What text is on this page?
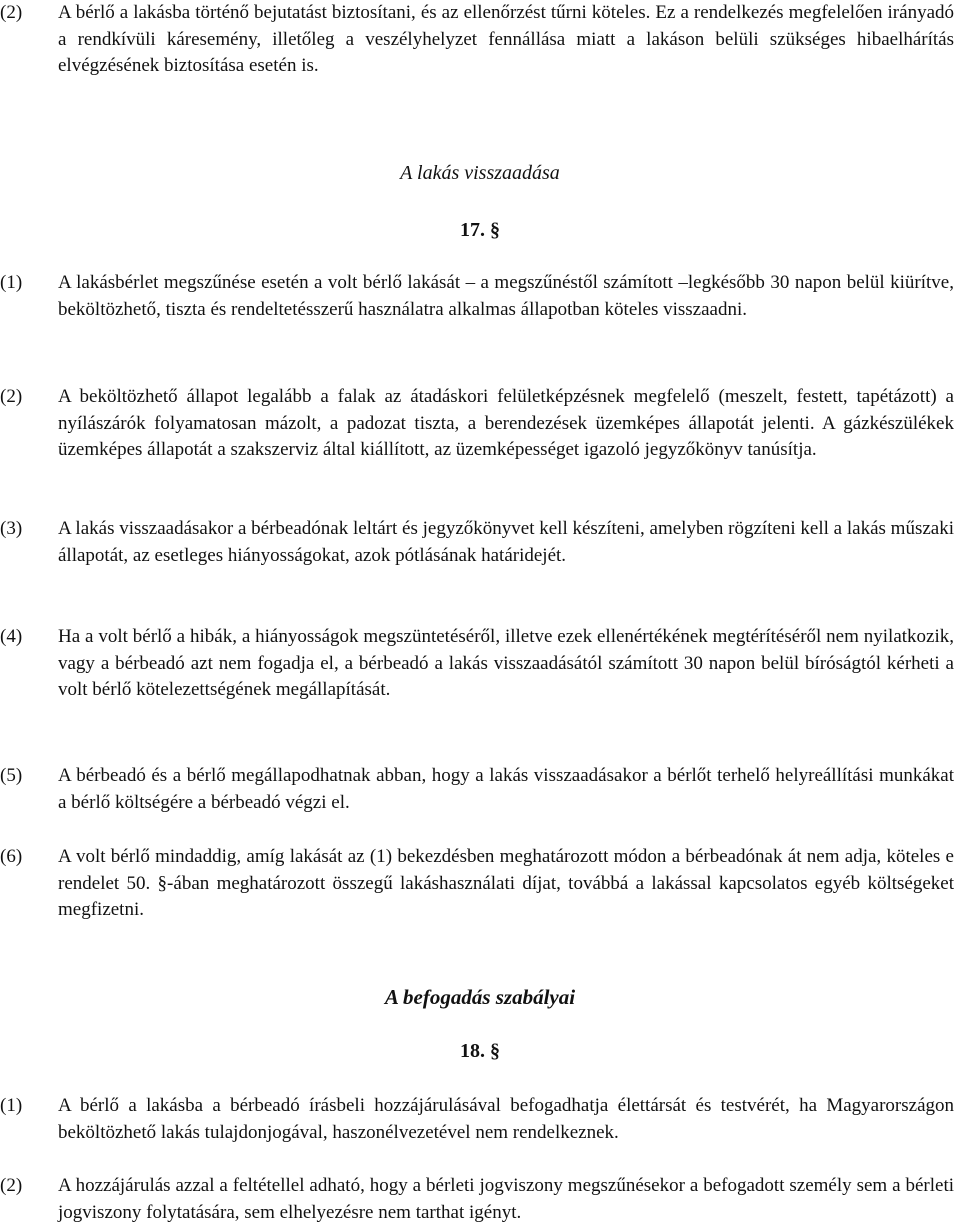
(2)	A bérlő a lakásba történő bejutatást biztosítani, és az ellenőrzést tűrni köteles. Ez a rendelkezés megfelelően irányadó a rendkívüli káresemény, illetőleg a veszélyhelyzet fennállása miatt a lakáson belüli szükséges hibaelhárítás elvégzésének biztosítása esetén is.
A lakás visszaadása
17. §
(1)	A lakásbérlet megszűnése esetén a volt bérlő lakását – a megszűnéstől számított –legkésőbb 30 napon belül kiürítve, beköltözhető, tiszta és rendeltetésszerű használatra alkalmas állapotban köteles visszaadni.
(2)	A beköltözhető állapot legalább a falak az átadáskori felületképzésnek megfelelő (meszelt, festett, tapétázott) a nyílászárók folyamatosan mázolt, a padozat tiszta, a berendezések üzemképes állapotát jelenti. A gázkészülékek üzemképes állapotát a szakszerviz által kiállított, az üzemképességet igazoló jegyzőkönyv tanúsítja.
(3)	A lakás visszaadásakor a bérbeadónak leltárt és jegyzőkönyvet kell készíteni, amelyben rögzíteni kell a lakás műszaki állapotát, az esetleges hiányosságokat, azok pótlásának határidejét.
(4)	Ha a volt bérlő a hibák, a hiányosságok megszüntetéséről, illetve ezek ellenértékének megtérítéséről nem nyilatkozik, vagy a bérbeadó azt nem fogadja el, a bérbeadó a lakás visszaadásától számított 30 napon belül bíróságtól kérheti a volt bérlő kötelezettségének megállapítását.
(5)	A bérbeadó és a bérlő megállapodhatnak abban, hogy a lakás visszaadásakor a bérlőt terhelő helyreállítási munkákat a bérlő költségére a bérbeadó végzi el.
(6)	A volt bérlő mindaddig, amíg lakását az (1) bekezdésben meghatározott módon a bérbeadónak át nem adja, köteles e rendelet 50. §-ában meghatározott összegű lakáshasználati díjat, továbbá a lakással kapcsolatos egyéb költségeket megfizetni.
A befogadás szabályai
18. §
(1)	A bérlő a lakásba a bérbeadó írásbeli hozzájárulásával befogadhatja élettársát és testvérét, ha Magyarországon beköltözhető lakás tulajdonjogával, haszonélvezetével nem rendelkeznek.
(2)	A hozzájárulás azzal a feltétellel adható, hogy a bérleti jogviszony megszűnésekor a befogadott személy sem a bérleti jogviszony folytatására, sem elhelyezésre nem tarthat igényt.
